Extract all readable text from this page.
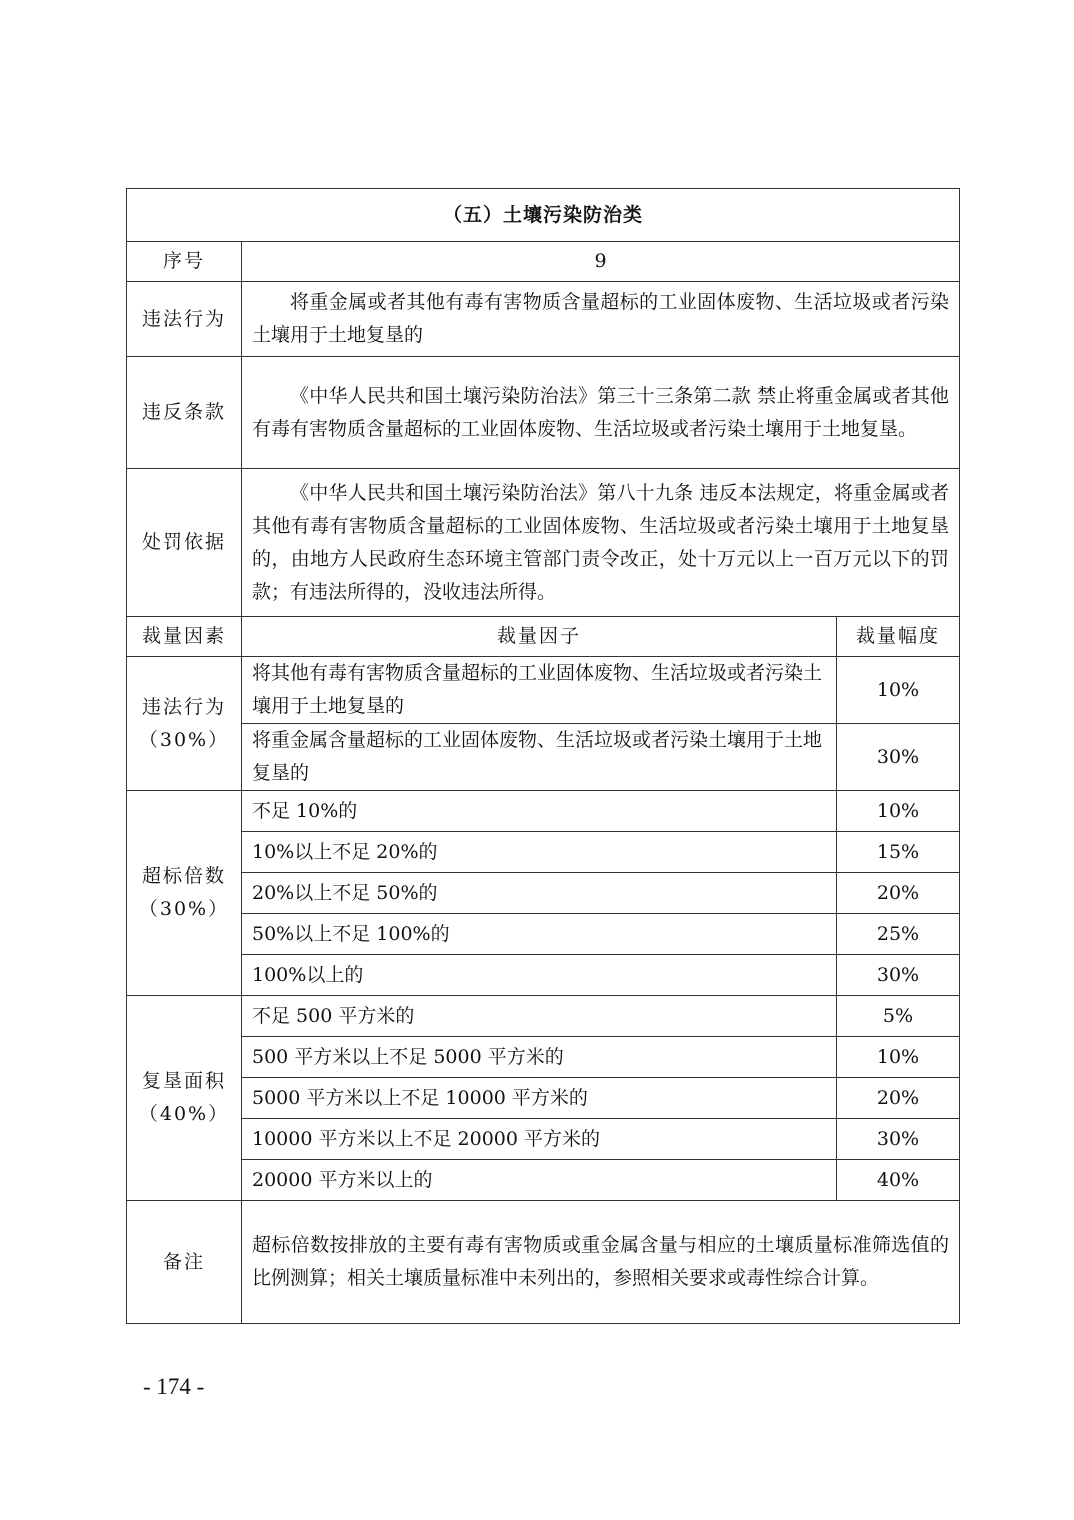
（五）土壤污染防治类		
序号	9	
违法行为	将重金属或者其他有毒有害物质含量超标的工业固体废物、生活垃圾或者污染土壤用于土地复垦的	
违反条款	《中华人民共和国土壤污染防治法》第三十三条第二款 禁止将重金属或者其他有毒有害物质含量超标的工业固体废物、生活垃圾或者污染土壤用于土地复垦。	
处罚依据	《中华人民共和国土壤污染防治法》第八十九条 违反本法规定，将重金属或者其他有毒有害物质含量超标的工业固体废物、生活垃圾或者污染土壤用于土地复垦的，由地方人民政府生态环境主管部门责令改正，处十万元以上一百万元以下的罚款；有违法所得的，没收违法所得。	
裁量因素	裁量因子	裁量幅度

违法行为
（30%）	将其他有毒有害物质含量超标的工业固体废物、生活垃圾或者污染土壤用于土地复垦的	10%
	将重金属含量超标的工业固体废物、生活垃圾或者污染土壤用于土地复垦的	30%

超标倍数
（30%）	不足 10%的	10%
	10%以上不足 20%的	15%
	20%以上不足 50%的	20%
	50%以上不足 100%的	25%
	100%以上的	30%

复垦面积
（40%）	不足 500 平方米的	5%
	500 平方米以上不足 5000 平方米的	10%
	5000 平方米以上不足 10000 平方米的	20%
	10000 平方米以上不足 20000 平方米的	30%
	20000 平方米以上的	40%
备注	超标倍数按排放的主要有毒有害物质或重金属含量与相应的土壤质量标准筛选值的比例测算；相关土壤质量标准中未列出的，参照相关要求或毒性综合计算。	
- 174 -
